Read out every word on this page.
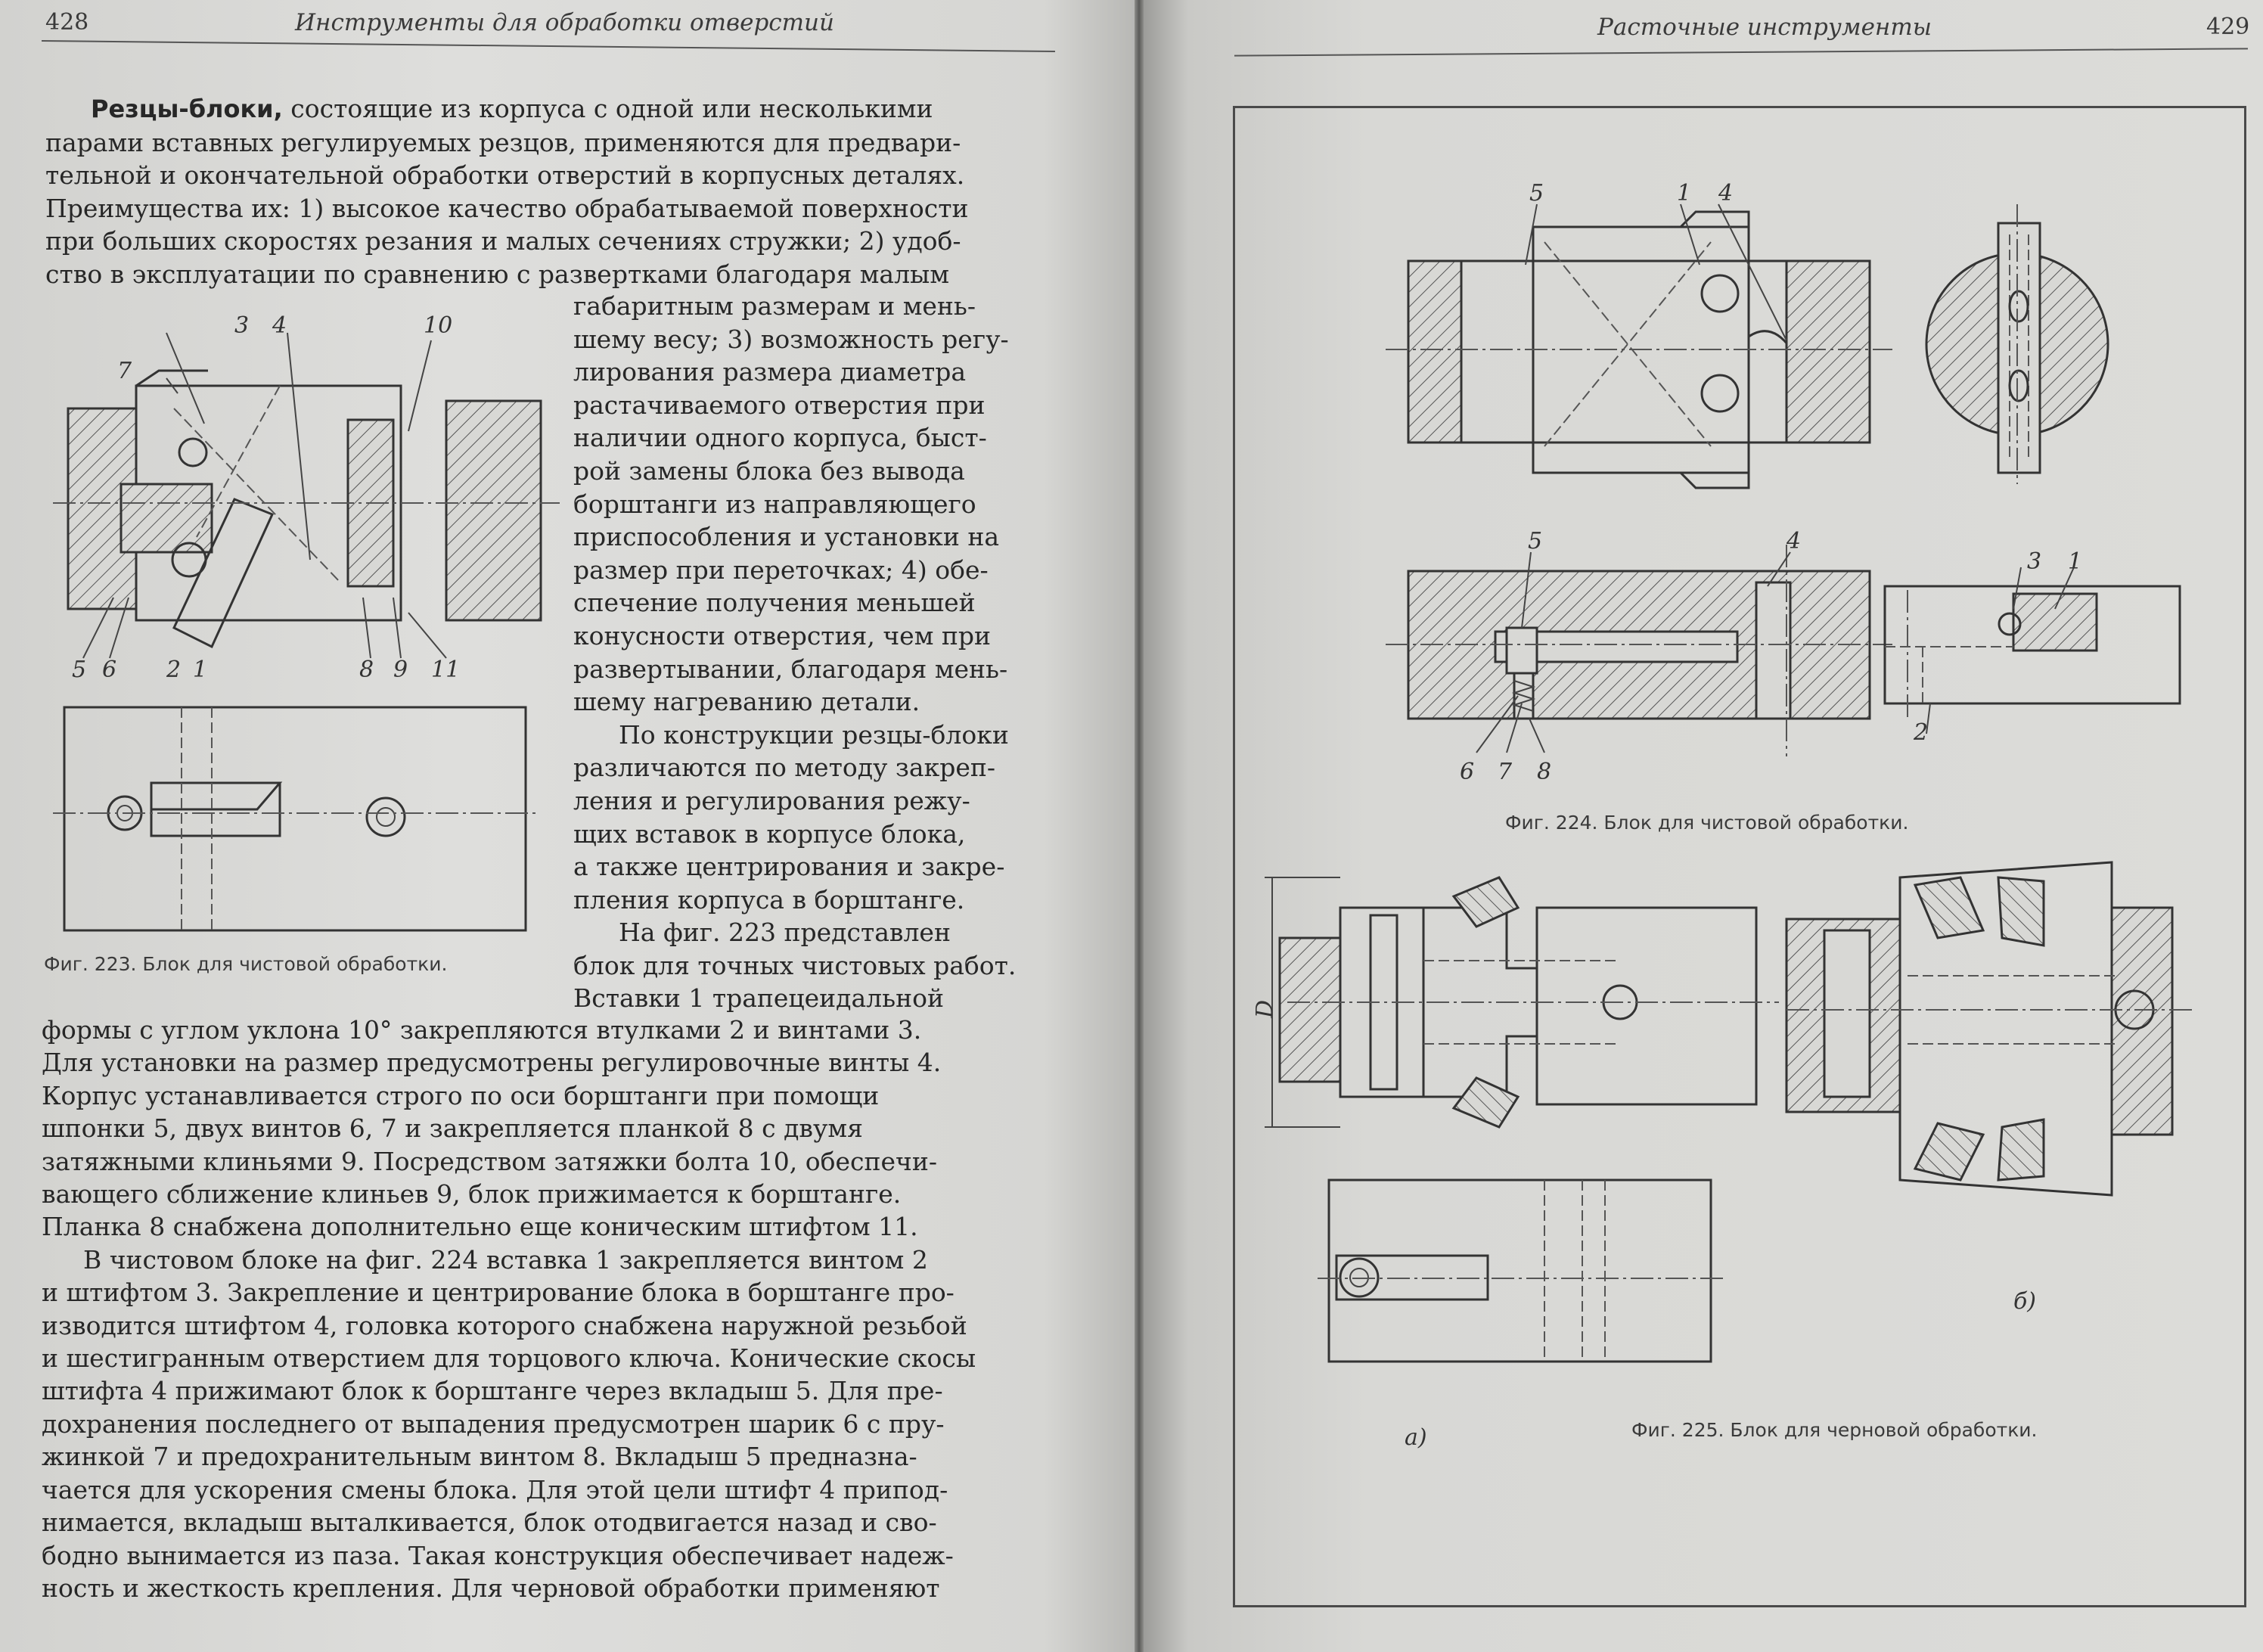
428	Инструменты для обработки отверстий
Резцы-блоки, состоящие из корпуса с одной или несколькими
парами вставных регулируемых резцов, применяются для предвари-
тельной и окончательной обработки отверстий в корпусных деталях.
Преимущества их: 1) высокое качество обрабатываемой поверхности
при больших скоростях резания и малых сечениях стружки; 2) удоб-
ство в эксплуатации по сравнению с развертками благодаря малым
габаритным размерам и мень-
шему весу; 3) возможность регу-
лирования размера диаметра
растачиваемого отверстия при
наличии одного корпуса, быст-
рой замены блока без вывода
борштанги из направляющего
приспособления и установки на
размер при переточках; 4) обе-
спечение получения меньшей
конусности отверстия, чем при
развертывании, благодаря мень-
шему нагреванию детали.
По конструкции резцы-блоки
различаются по методу закреп-
ления и регулирования режу-
щих вставок в корпусе блока,
а также центрирования и закре-
пления корпуса в борштанге.
На фиг. 223 представлен
блок для точных чистовых работ.
Вставки 1 трапецеидальной
3 4	10
7
5 6 2 1	8 9 11
Фиг. 223. Блок для чистовой обработки.
формы с углом уклона 10° закрепляются втулками 2 и винтами 3.
Для установки на размер предусмотрены регулировочные винты 4.
Корпус устанавливается строго по оси борштанги при помощи
шпонки 5, двух винтов 6, 7 и закрепляется планкой 8 с двумя
затяжными клиньями 9. Посредством затяжки болта 10, обеспечи-
вающего сближение клиньев 9, блок прижимается к борштанге.
Планка 8 снабжена дополнительно еще коническим штифтом 11.
В чистовом блоке на фиг. 224 вставка 1 закрепляется винтом 2
и штифтом 3. Закрепление и центрирование блока в борштанге про-
изводится штифтом 4, головка которого снабжена наружной резьбой
и шестигранным отверстием для торцового ключа. Конические скосы
штифта 4 прижимают блок к борштанге через вкладыш 5. Для пре-
дохранения последнего от выпадения предусмотрен шарик 6 с пру-
жинкой 7 и предохранительным винтом 8. Вкладыш 5 предназна-
чается для ускорения смены блока. Для этой цели штифт 4 припод-
нимается, вкладыш выталкивается, блок отодвигается назад и сво-
бодно вынимается из паза. Такая конструкция обеспечивает надеж-
ность и жесткость крепления. Для черновой обработки применяют
Расточные инструменты	429
5	1 4
5	4
6 7 8
3 1
2
Фиг. 224. Блок для чистовой обработки.
D
а)
б)
Фиг. 225. Блок для черновой обработки.
